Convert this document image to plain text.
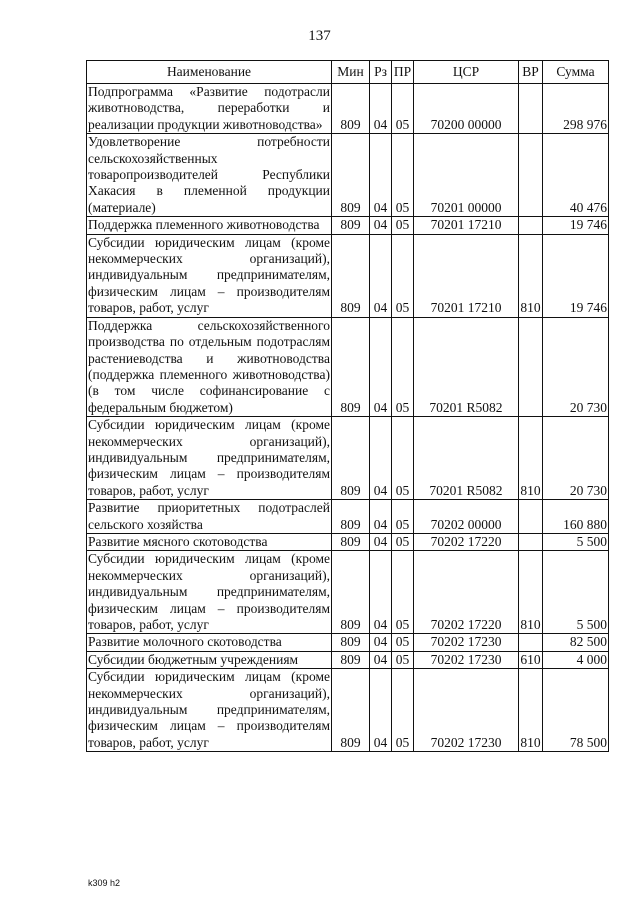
137
Наименование	Мин	Рз	ПР	ЦСР	ВР	Сумма
Подпрограмма «Развитие подотрасли животноводства, переработки и реализации продукции животноводства»	809	04	05	70200 00000		298 976
Удовлетворение потребности сельскохозяйственных товаропроизводителей Республики Хакасия в племенной продукции (материале)	809	04	05	70201 00000		40 476
Поддержка племенного животноводства	809	04	05	70201 17210		19 746
Субсидии юридическим лицам (кроме некоммерческих организаций), индивидуальным предпринимателям, физическим лицам – производителям товаров, работ, услуг	809	04	05	70201 17210	810	19 746
Поддержка сельскохозяйственного производства по отдельным подотраслям растениеводства и животноводства (поддержка племенного животноводства) (в том числе софинансирование с федеральным бюджетом)	809	04	05	70201 R5082		20 730
Субсидии юридическим лицам (кроме некоммерческих организаций), индивидуальным предпринимателям, физическим лицам – производителям товаров, работ, услуг	809	04	05	70201 R5082	810	20 730
Развитие приоритетных подотраслей сельского хозяйства	809	04	05	70202 00000		160 880
Развитие мясного скотоводства	809	04	05	70202 17220		5 500
Субсидии юридическим лицам (кроме некоммерческих организаций), индивидуальным предпринимателям, физическим лицам – производителям товаров, работ, услуг	809	04	05	70202 17220	810	5 500
Развитие молочного скотоводства	809	04	05	70202 17230		82 500
Субсидии бюджетным учреждениям	809	04	05	70202 17230	610	4 000
Субсидии юридическим лицам (кроме некоммерческих организаций), индивидуальным предпринимателям, физическим лицам – производителям товаров, работ, услуг	809	04	05	70202 17230	810	78 500
k309 h2
